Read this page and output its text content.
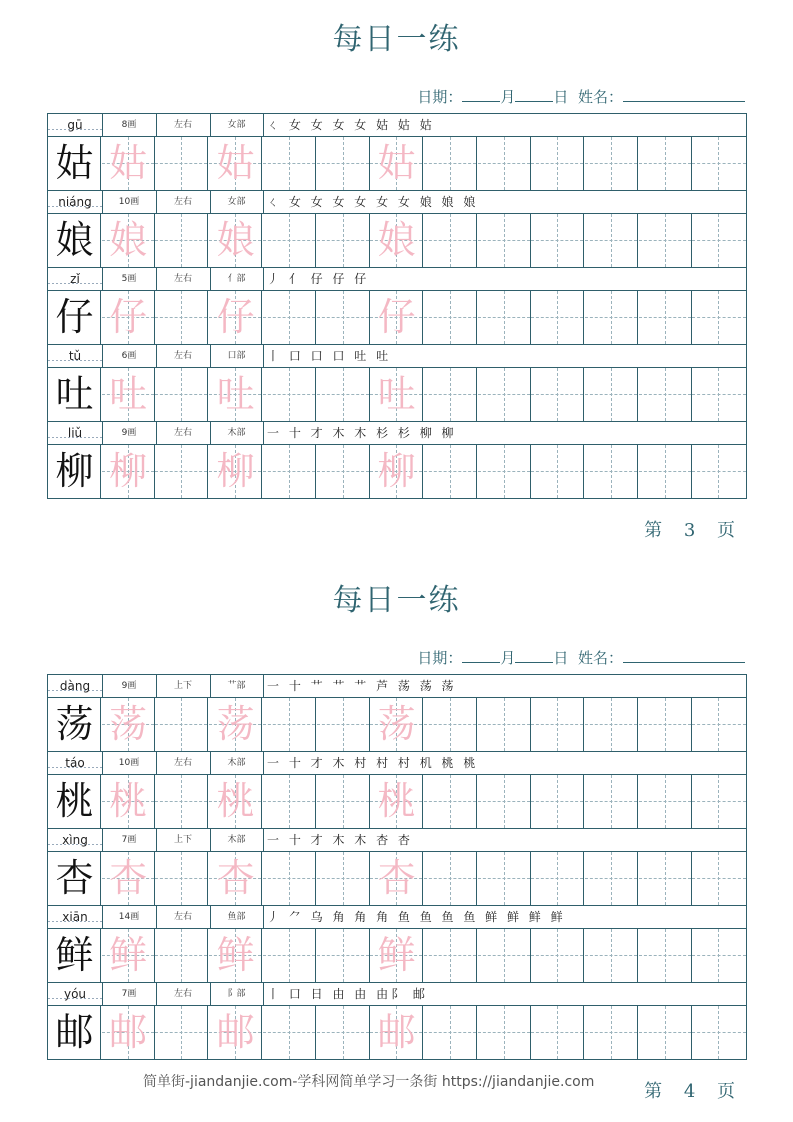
每日一练
日期：	月	日 姓名：
gū	8画	左右	女部	ㄑ 女 女 女 女 姑 姑 姑
姑 姑 姑	姑
niáng	10画	左右	女部	ㄑ 女 女 女 女 女 女 娘 娘 娘
娘 娘 娘	娘
zǐ	5画	左右	亻部	丿 亻 仔 仔 仔
仔 仔 仔	仔
tǔ	6画	左右	口部	丨 口 口 口 吐 吐
吐 吐 吐	吐
liǔ	9画	左右	木部	一 十 才 木 木 杉 杉 柳 柳
柳 柳 柳	柳
第 3 页
每日一练
日期：	月	日 姓名：
dàng	9画	上下	艹部	一 十 艹 艹 艹 芦 荡 荡 荡
荡 荡 荡	荡
táo	10画	左右	木部	一 十 才 木 村 村 村 机 桃 桃
桃 桃 桃	桃
xìng	7画	上下	木部	一 十 才 木 木 杏 杏
杏 杏 杏	杏
xiān	14画	左右	鱼部	丿 ⺈ 乌 角 角 角 鱼 鱼 鱼 鱼 鲜 鲜 鲜 鲜
鲜 鲜 鲜	鲜
yóu	7画	左右	阝部	丨 口 日 由 由 由阝 邮
邮 邮 邮	邮
第 4 页
简单街-jiandanjie.com-学科网简单学习一条街 https://jiandanjie.com
